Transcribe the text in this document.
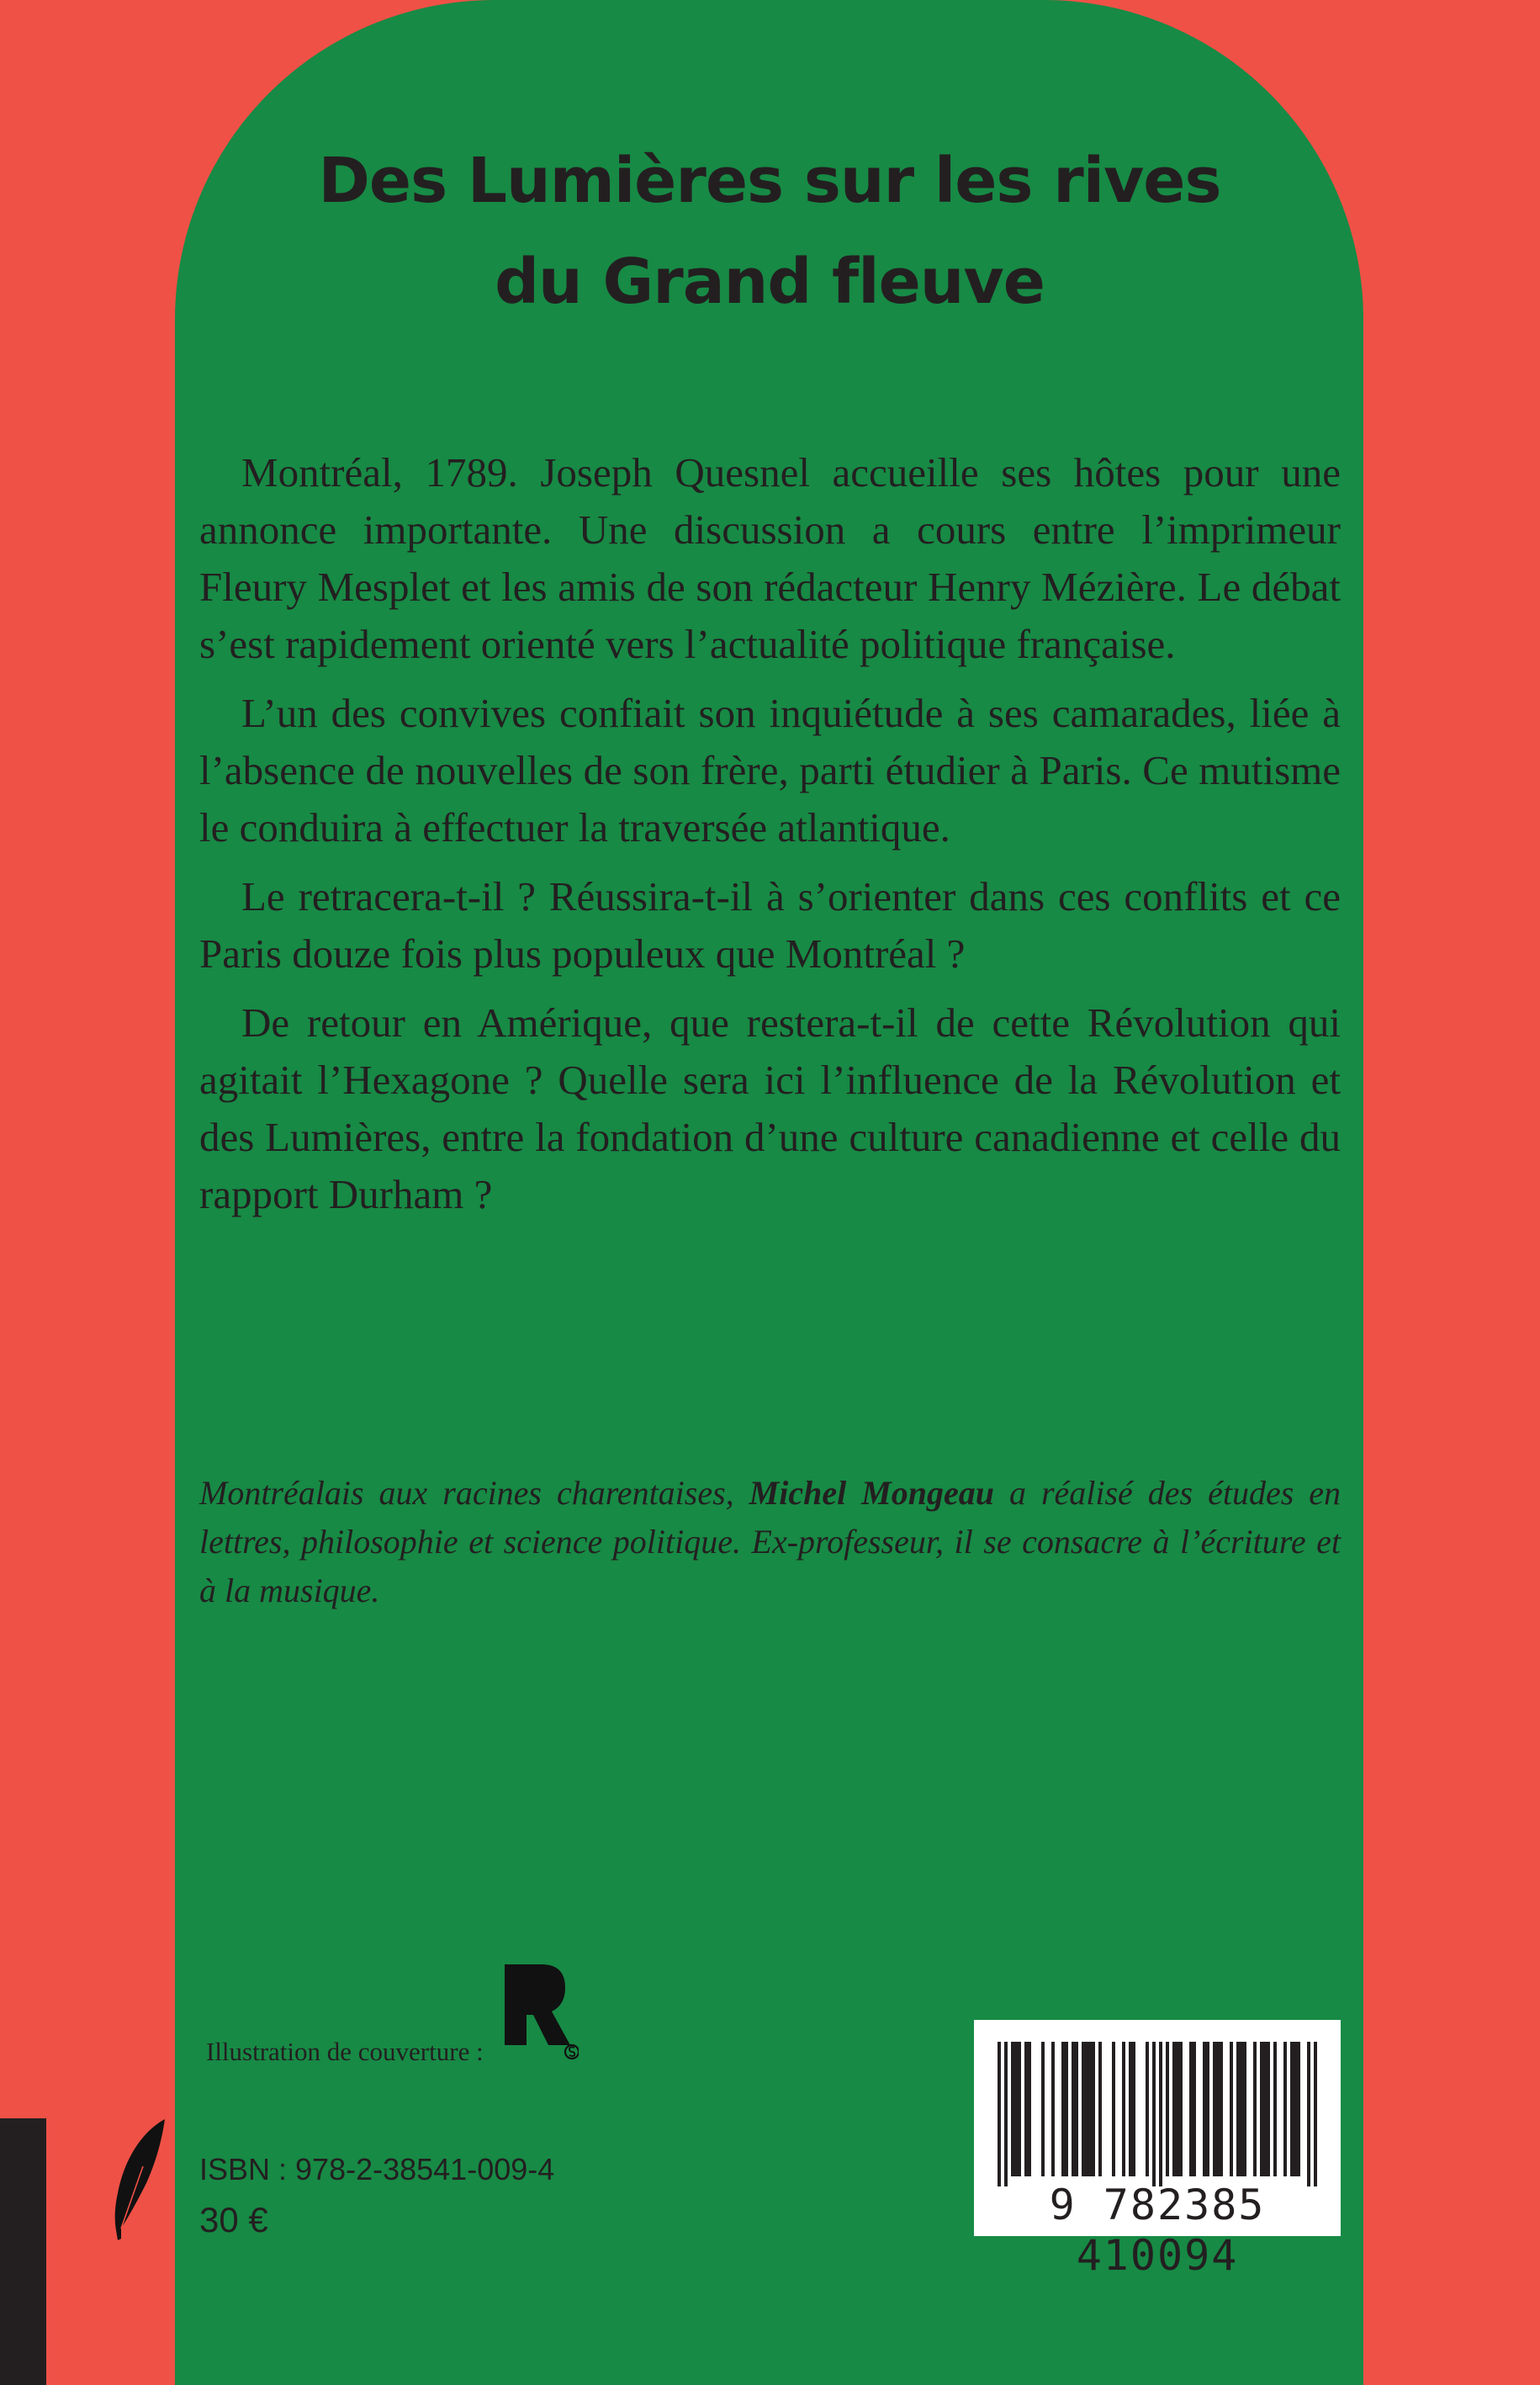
Des Lumières sur les rives
du Grand fleuve

Montréal, 1789. Joseph Quesnel accueille ses hôtes pour une annonce importante. Une discussion a cours entre l’imprimeur Fleury Mesplet et les amis de son rédacteur Henry Mézière. Le débat s’est rapidement orienté vers l’actualité politique française.

L’un des convives confiait son inquiétude à ses camarades, liée à l’absence de nouvelles de son frère, parti étudier à Paris. Ce mutisme le conduira à effectuer la traversée atlantique.

Le retracera-t-il ? Réussira-t-il à s’orienter dans ces conflits et ce Paris douze fois plus populeux que Montréal ?

De retour en Amérique, que restera-t-il de cette Révolution qui agitait l’Hexagone ? Quelle sera ici l’influence de la Révolution et des Lumières, entre la fondation d’une culture canadienne et celle du rapport Durham ?

Montréalais aux racines charentaises, Michel Mongeau a réalisé des études en lettres, philosophie et science politique. Ex-professeur, il se consacre à l’écriture et à la musique.
Illustration de couverture :
ISBN : 978-2-38541-009-4
30 €	9 782385 410094
